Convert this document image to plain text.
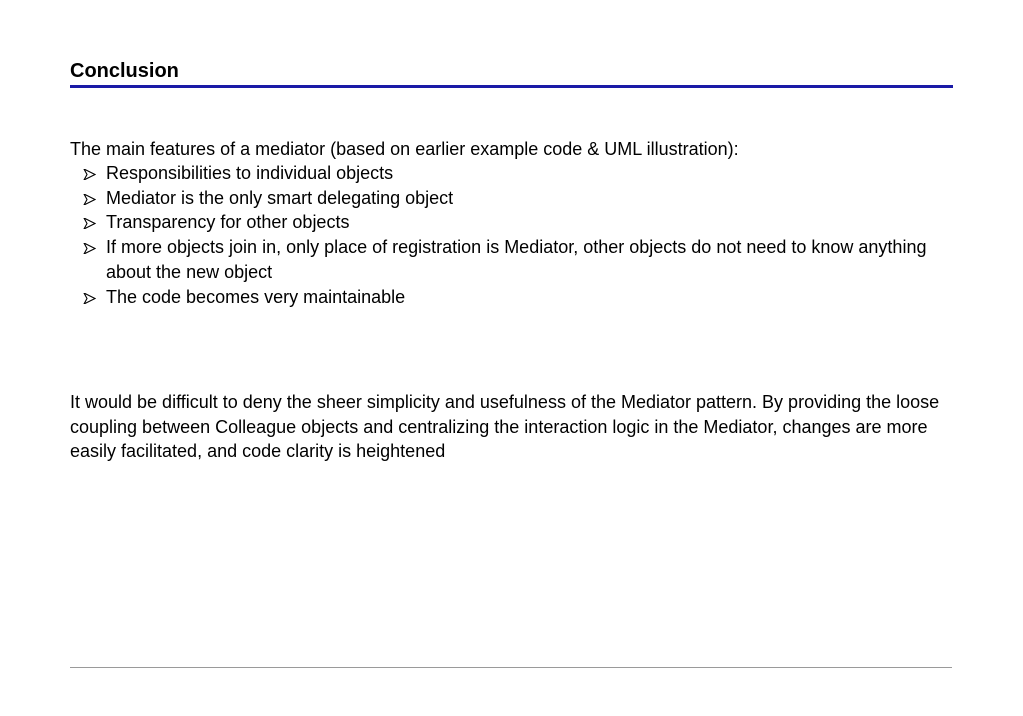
Conclusion
The main features of a mediator (based on earlier example code & UML illustration):
Responsibilities to individual objects
Mediator is the only smart delegating object
Transparency for other objects
If more objects join in, only place of registration is Mediator, other objects do not need to know anything about the new object
The code becomes very maintainable

It would be difficult to deny the sheer simplicity and usefulness of the Mediator pattern. By providing the loose coupling between Colleague objects and centralizing the interaction logic in the Mediator, changes are more easily facilitated, and code clarity is heightened
